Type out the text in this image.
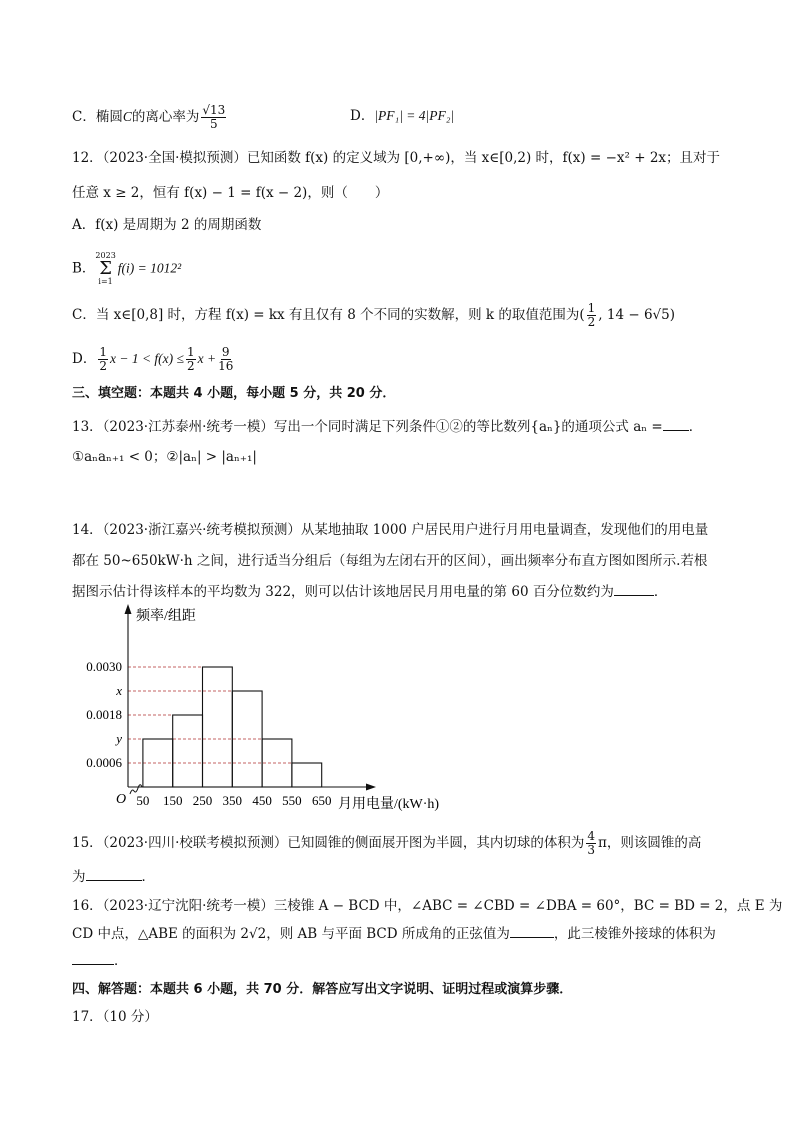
C．椭圆C的离心率为 $\frac{√13}{5}$	D．|PF₁| = 4|PF₂|
12．（2023·全国·模拟预测）已知函数 f(x) 的定义域为 [0,+∞)，当 x∈[0,2) 时，f(x) = −x² + 2x；且对于
任意 x ≥ 2，恒有 f(x) − 1 = f(x − 2)，则（　　）
A．f(x) 是周期为 2 的周期函数
B．
2023
Σ
i=1
f(i) = 1012²
C．当 x∈[0,8] 时，方程 f(x) = kx 有且仅有 8 个不同的实数解，则 k 的取值范围为( $\frac{1}{2}$ , 14 − 6√5)
D． $\frac{1}{2}$ $x - 1 < f(x) \le \frac{1}{2}$ $x + \frac{9}{16}$
三、填空题：本题共 4 小题，每小题 5 分，共 20 分．
13．（2023·江苏泰州·统考一模）写出一个同时满足下列条件①②的等比数列{aₙ}的通项公式 aₙ = ．
①aₙaₙ₊₁ < 0；②|aₙ| > |aₙ₊₁|
14．（2023·浙江嘉兴·统考模拟预测）从某地抽取 1000 户居民用户进行月用电量调查，发现他们的用电量
都在 50~650kW·h 之间，进行适当分组后（每组为左闭右开的区间），画出频率分布直方图如图所示.若根
据图示估计得该样本的平均数为 322，则可以估计该地居民月用电量的第 60 百分位数约为	．
0.0030
x
0.0018
y
0.0006
50 150 250 350 450 550 650
O
频率/组距
月用电量/(kW·h)
15．（2023·四川·校联考模拟预测）已知圆锥的侧面展开图为半圆，其内切球的体积为 $\frac{4}{3}$ π，则该圆锥的高
为	．
16．（2023·辽宁沈阳·统考一模）三棱锥 A − BCD 中，∠ABC = ∠CBD = ∠DBA = 60°，BC = BD = 2，点 E 为
CD 中点，△ABE 的面积为 2√2，则 AB 与平面 BCD 所成角的正弦值为	，此三棱锥外接球的体积为
．
四、解答题：本题共 6 小题，共 70 分．解答应写出文字说明、证明过程或演算步骤．
17．（10 分）
